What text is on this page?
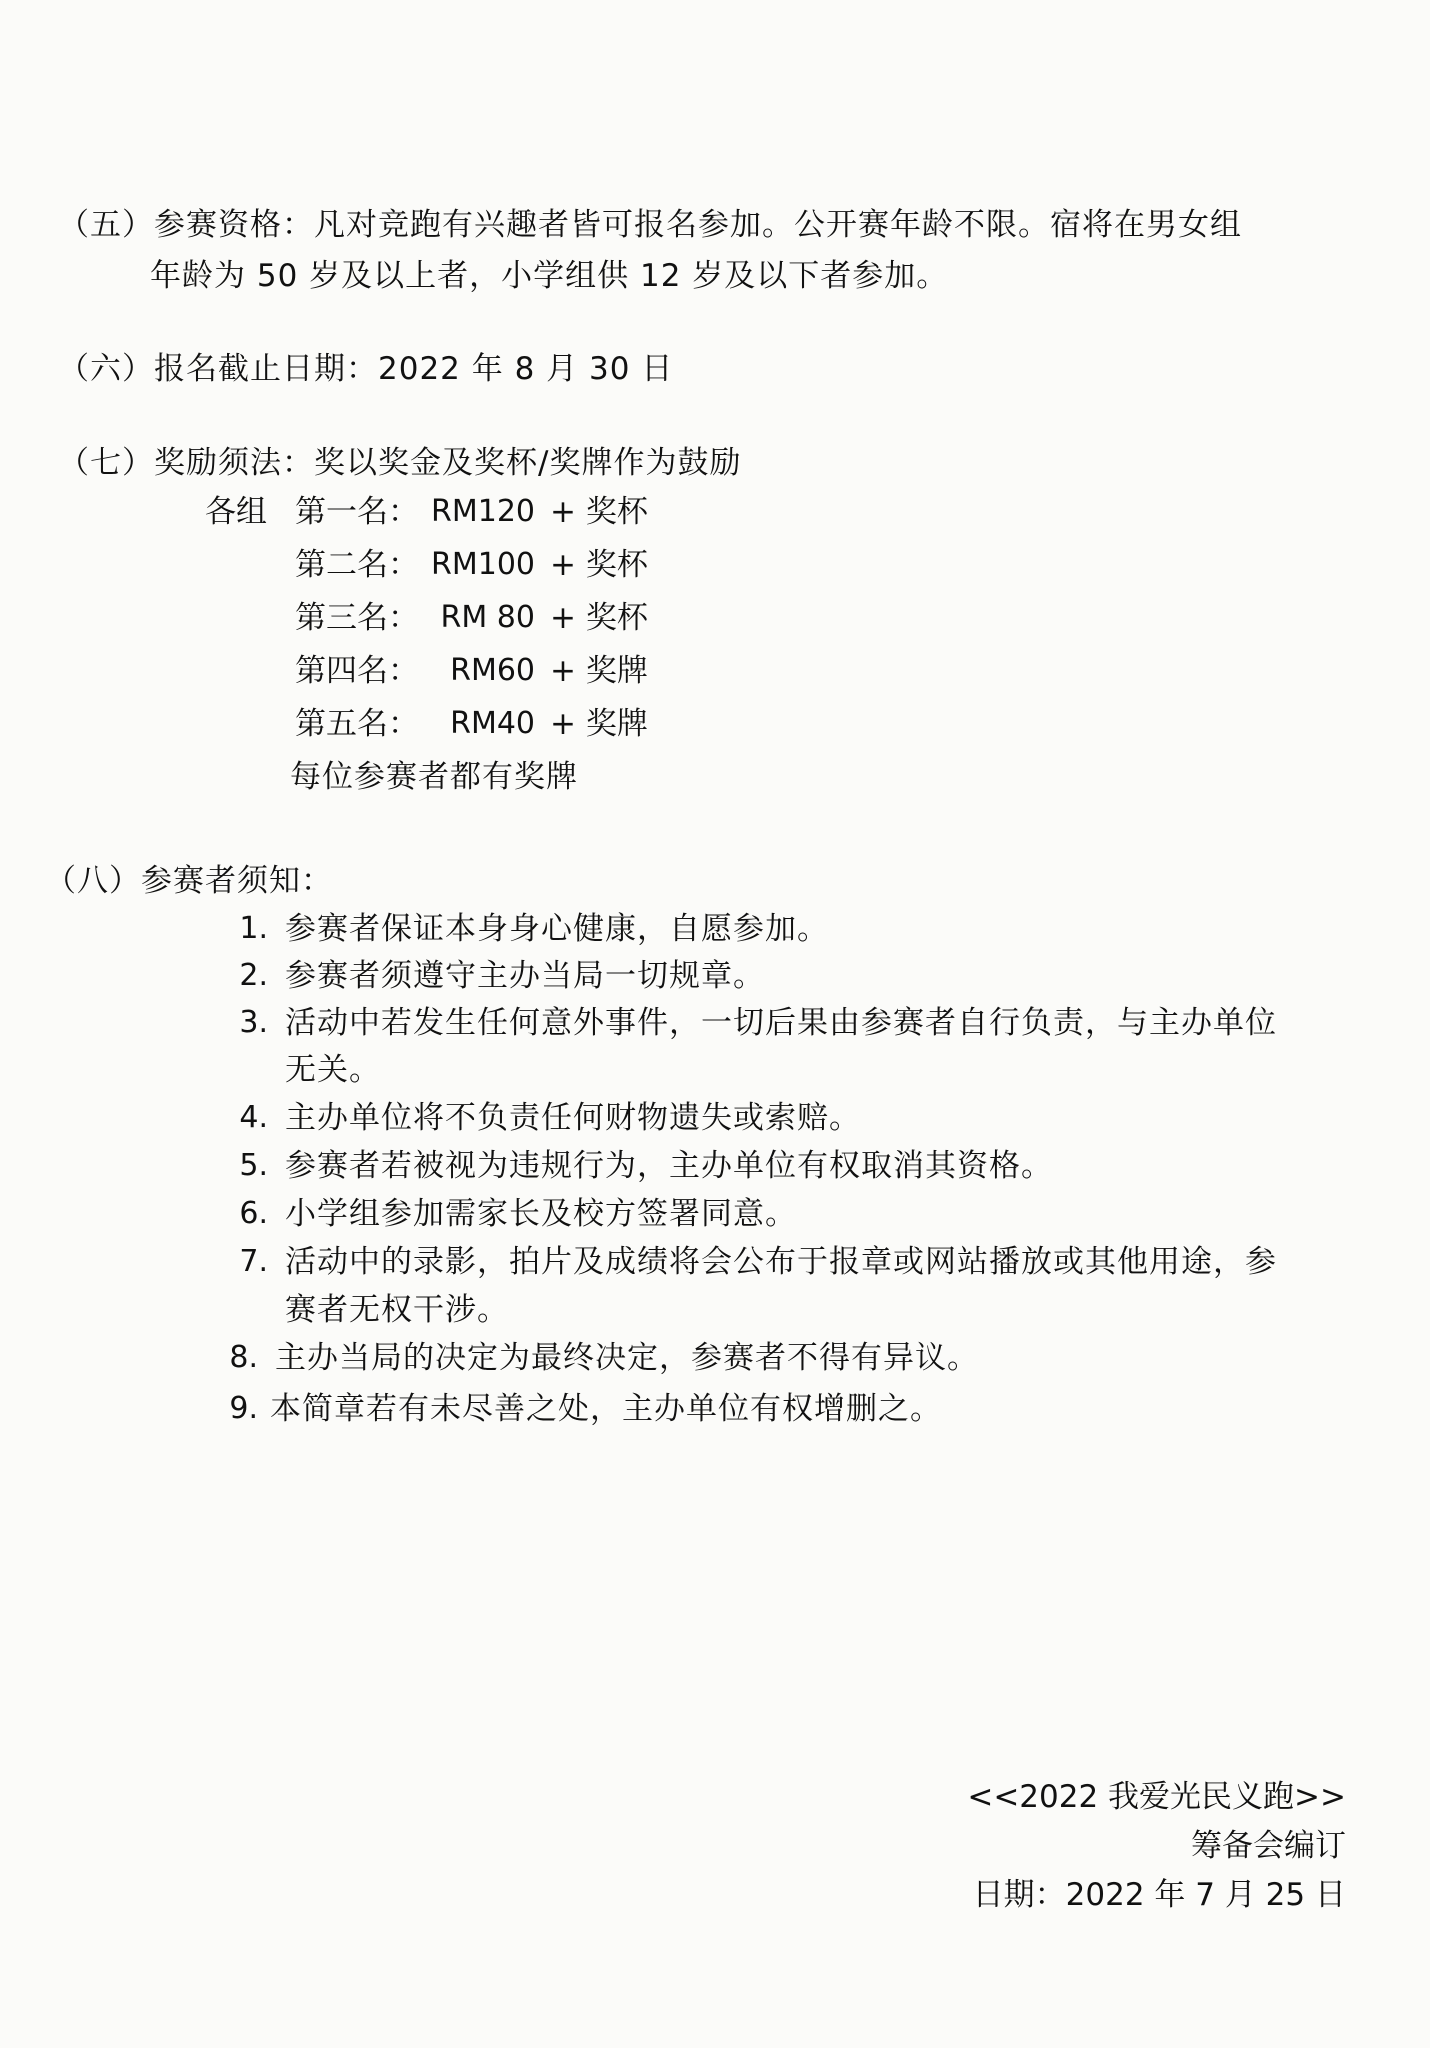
（五）参赛资格：凡对竞跑有兴趣者皆可报名参加。公开赛年龄不限。宿将在男女组
年龄为 50 岁及以上者，小学组供 12 岁及以下者参加。
（六）报名截止日期：2022 年 8 月 30 日
（七）奖励须法：奖以奖金及奖杯/奖牌作为鼓励
各组 第一名： RM120 + 奖杯
第二名： RM100 + 奖杯
第三名： RM 80 + 奖杯
第四名：	RM60 + 奖牌
第五名：	RM40 + 奖牌
每位参赛者都有奖牌
（八）参赛者须知：
1. 参赛者保证本身身心健康，自愿参加。
2. 参赛者须遵守主办当局一切规章。
3. 活动中若发生任何意外事件，一切后果由参赛者自行负责，与主办单位
无关。
4. 主办单位将不负责任何财物遗失或索赔。
5. 参赛者若被视为违规行为，主办单位有权取消其资格。
6. 小学组参加需家长及校方签署同意。
7. 活动中的录影，拍片及成绩将会公布于报章或网站播放或其他用途，参
赛者无权干涉。
8. 主办当局的决定为最终决定，参赛者不得有异议。
9. 本简章若有未尽善之处，主办单位有权增删之。
<<2022 我爱光民义跑>>
筹备会编订
日期：2022 年 7 月 25 日
